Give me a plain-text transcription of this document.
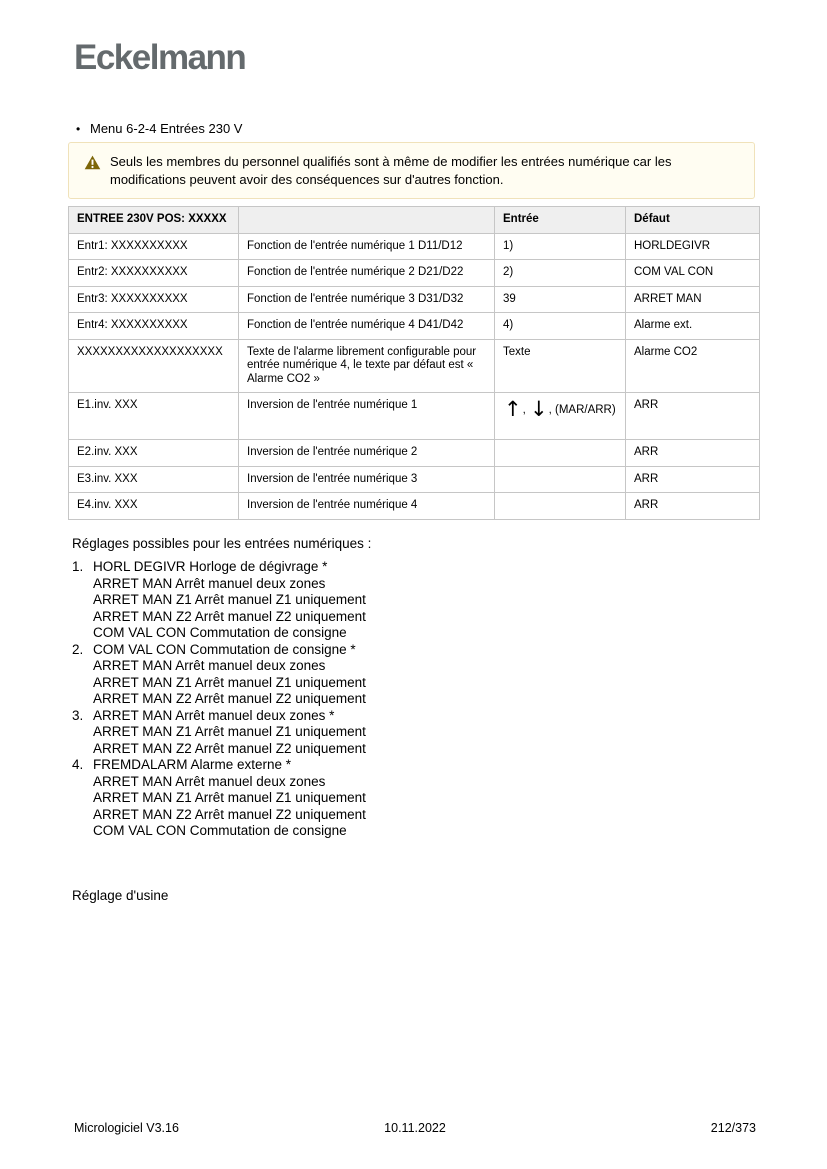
Eckelmann
• Menu 6-2-4 Entrées 230 V
Seuls les membres du personnel qualifiés sont à même de modifier les entrées numérique car les modifications peuvent avoir des conséquences sur d'autres fonction.
ENTREE 230V POS: XXXXX		Entrée	Défaut
Entr1: XXXXXXXXXX	Fonction de l'entrée numérique 1 D11/D12	1)	HORLDEGIVR
Entr2: XXXXXXXXXX	Fonction de l'entrée numérique 2 D21/D22	2)	COM VAL CON
Entr3: XXXXXXXXXX	Fonction de l'entrée numérique 3 D31/D32	39	ARRET MAN
Entr4: XXXXXXXXXX	Fonction de l'entrée numérique 4 D41/D42	4)	Alarme ext.
XXXXXXXXXXXXXXXXXXX	Texte de l'alarme librement configurable pour entrée numérique 4, le texte par défaut est « Alarme CO2 »	Texte	Alarme CO2
E1.inv. XXX	Inversion de l'entrée numérique 1	↑, ↓, (MAR/ARR)	ARR
E2.inv. XXX	Inversion de l'entrée numérique 2		ARR
E3.inv. XXX	Inversion de l'entrée numérique 3		ARR
E4.inv. XXX	Inversion de l'entrée numérique 4		ARR
Réglages possibles pour les entrées numériques :
1. HORL DEGIVR Horloge de dégivrage *
ARRET MAN Arrêt manuel deux zones
ARRET MAN Z1 Arrêt manuel Z1 uniquement
ARRET MAN Z2 Arrêt manuel Z2 uniquement
COM VAL CON Commutation de consigne
2. COM VAL CON Commutation de consigne *
ARRET MAN Arrêt manuel deux zones
ARRET MAN Z1 Arrêt manuel Z1 uniquement
ARRET MAN Z2 Arrêt manuel Z2 uniquement
3. ARRET MAN Arrêt manuel deux zones *
ARRET MAN Z1 Arrêt manuel Z1 uniquement
ARRET MAN Z2 Arrêt manuel Z2 uniquement
4. FREMDALARM Alarme externe *
ARRET MAN Arrêt manuel deux zones
ARRET MAN Z1 Arrêt manuel Z1 uniquement
ARRET MAN Z2 Arrêt manuel Z2 uniquement
COM VAL CON Commutation de consigne
Réglage d'usine
Micrologiciel V3.16	10.11.2022	212/373
